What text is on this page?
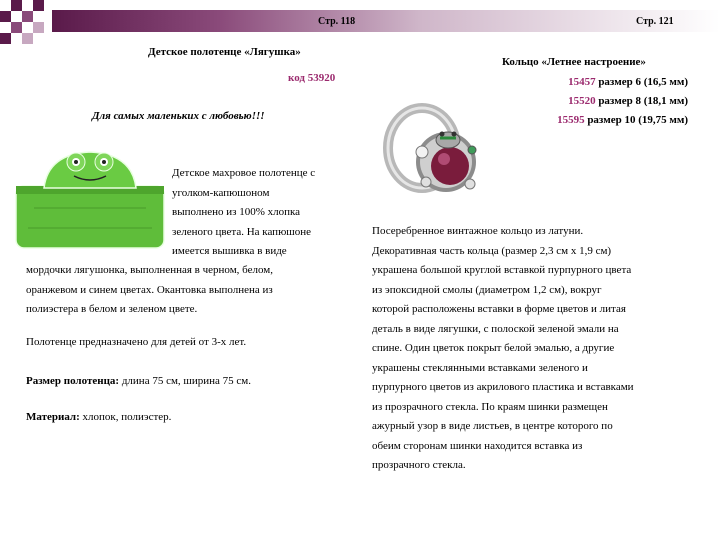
Стр. 118	Стр. 121
Детское полотенце «Лягушка»
код 53920
Для самых маленьких с любовью!!!
Детское махровое полотенце с
уголком-капюшоном
выполнено из 100% хлопка
зеленого цвета. На капюшоне
имеется вышивка в виде
мордочки лягушонка, выполненная в черном, белом,
оранжевом и синем цветах. Окантовка выполнена из
полиэстера в белом и зеленом цвете.
Полотенце предназначено для детей от 3-х лет.
Размер полотенца: длина 75 см, ширина 75 см.
Материал: хлопок, полиэстер.
Кольцо «Летнее настроение»
15457 размер 6 (16,5 мм)
15520 размер 8 (18,1 мм)
15595 размер 10 (19,75 мм)
Посеребренное винтажное кольцо из латуни.
Декоративная часть кольца (размер 2,3 см х 1,9 см)
украшена большой круглой вставкой пурпурного цвета
из эпоксидной смолы (диаметром 1,2 см), вокруг
которой расположены вставки в форме цветов и литая
деталь в виде лягушки, с полоской зеленой эмали на
спине. Один цветок покрыт белой эмалью, а другие
украшены стеклянными вставками зеленого и
пурпурного цветов из акрилового пластика и вставками
из прозрачного стекла. По краям шинки размещен
ажурный узор в виде листьев, в центре которого по
обеим сторонам шинки находится вставка из
прозрачного стекла.
